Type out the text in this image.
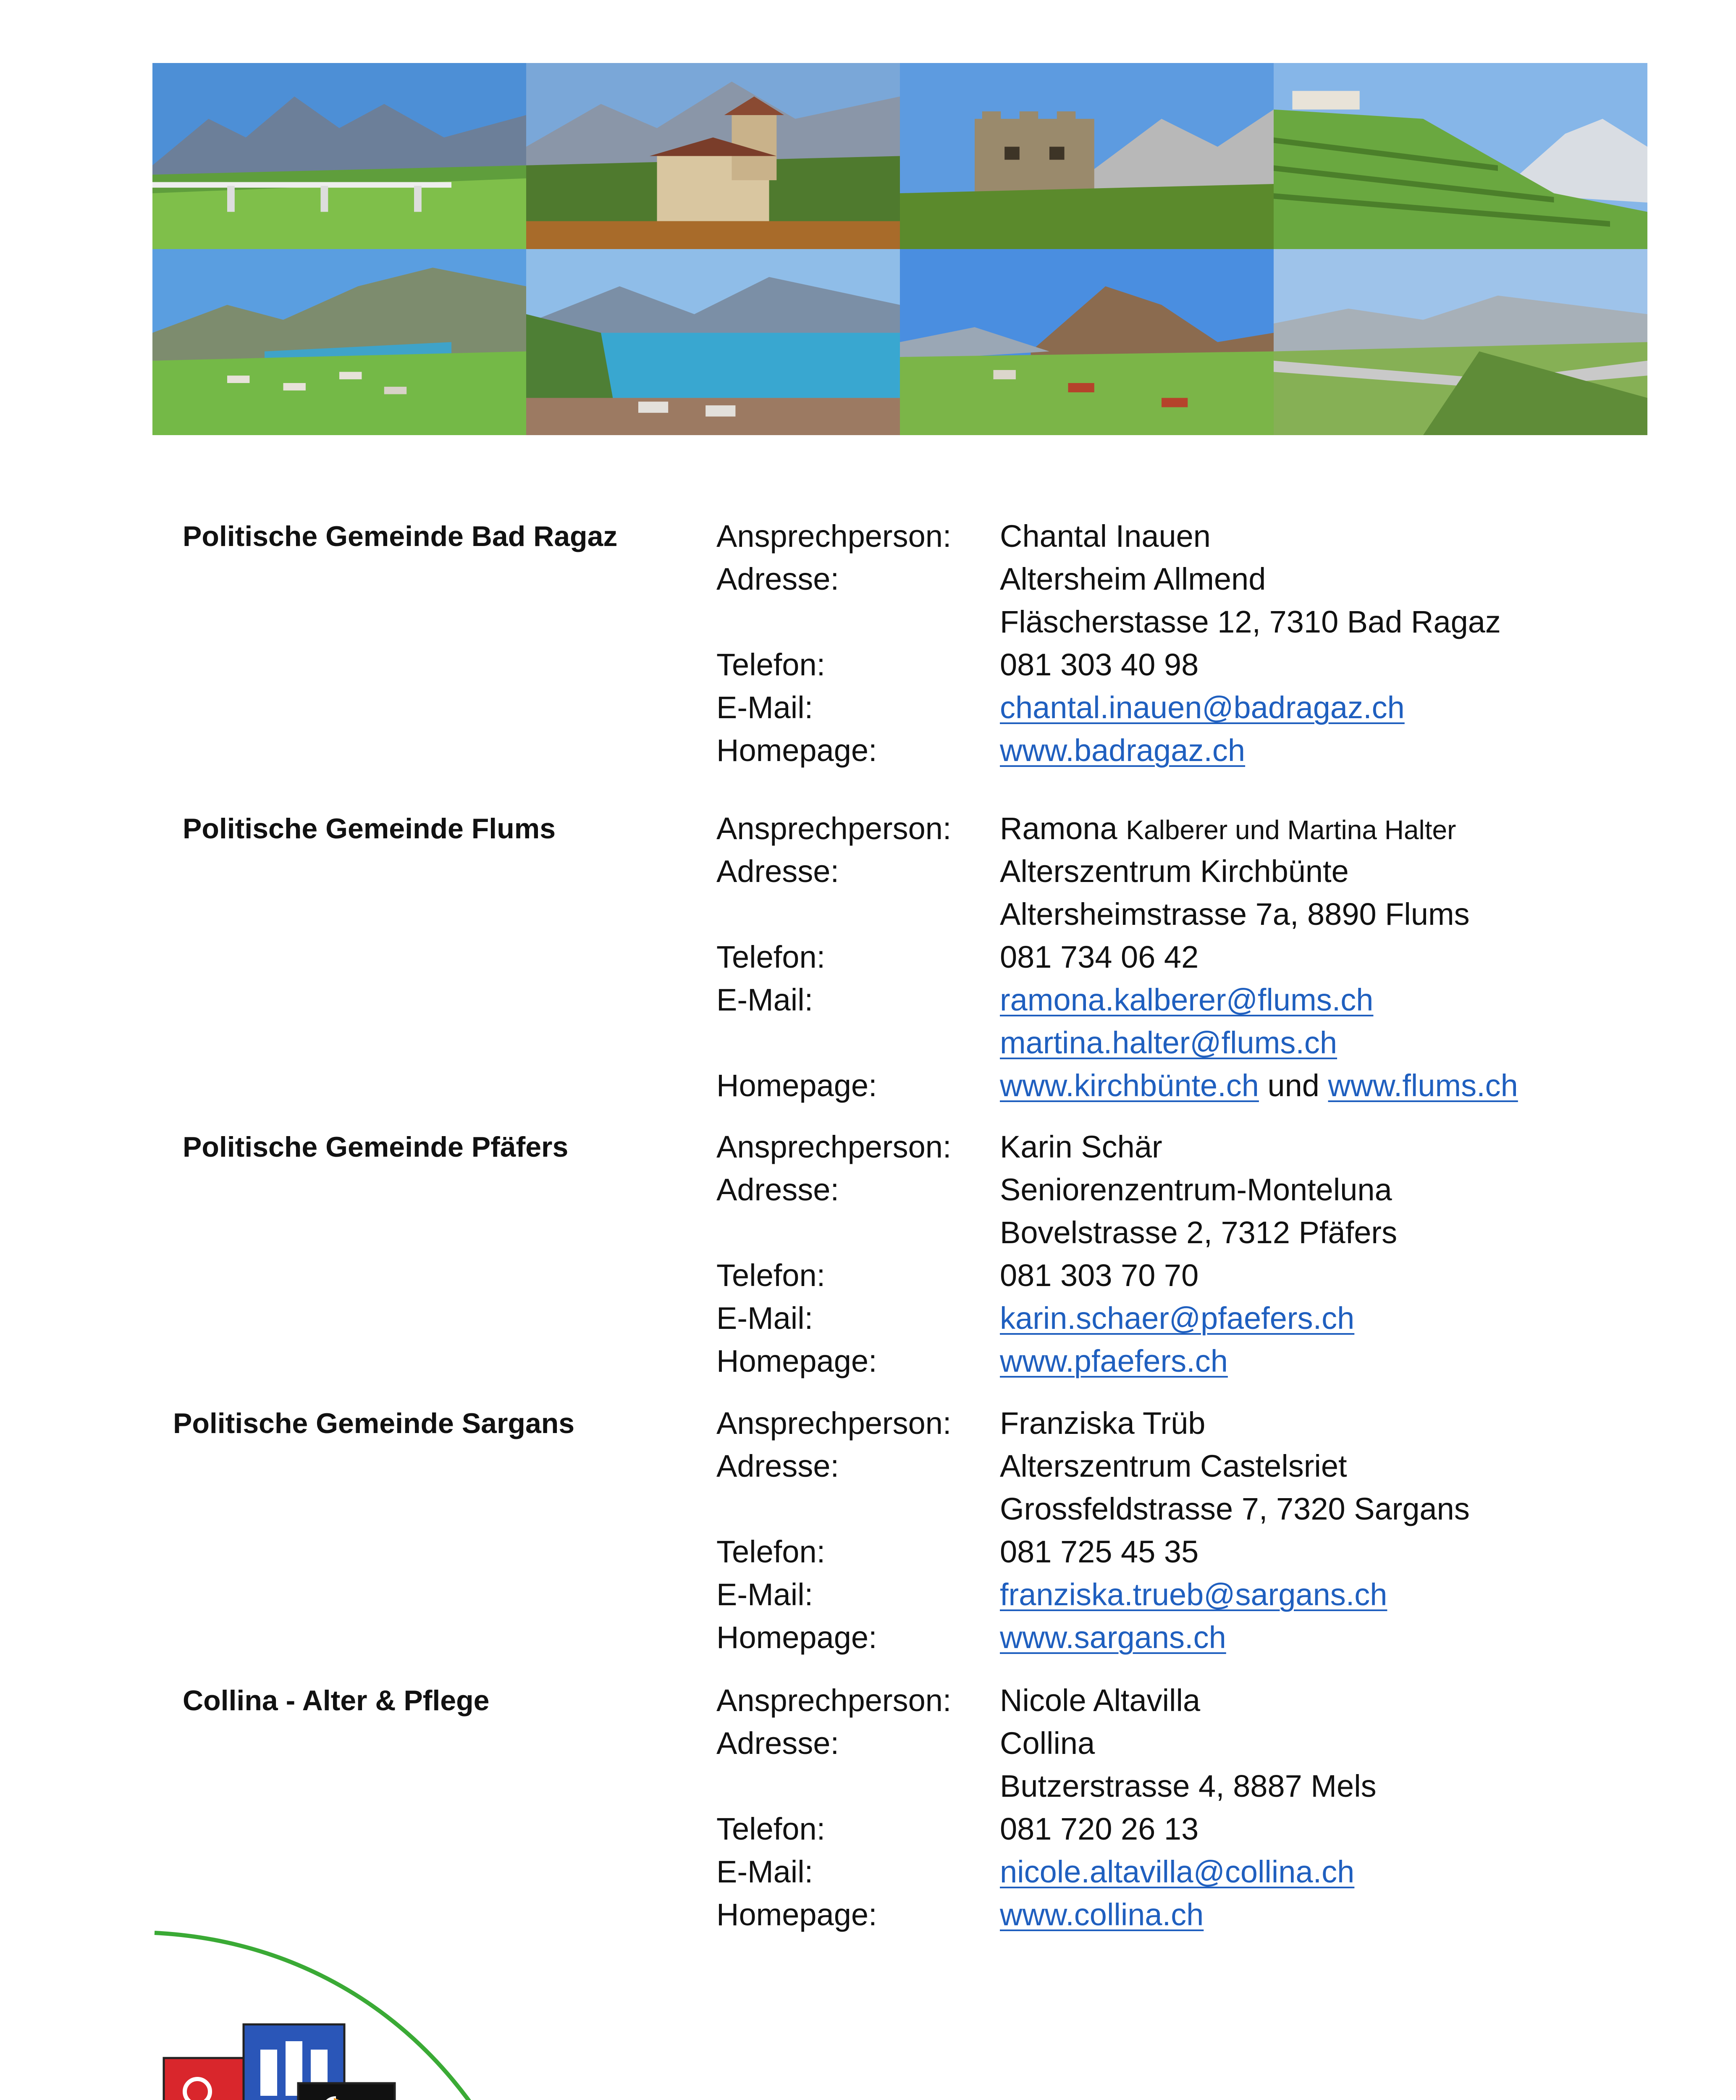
Politische Gemeinde Bad Ragaz	Ansprechperson: Chantal Inauen
Adresse:	Altersheim Allmend
Fläscherstasse 12, 7310 Bad Ragaz
Telefon:	081 303 40 98
E-Mail:	chantal.inauen@badragaz.ch
Homepage:	www.badragaz.ch
Politische Gemeinde Flums	Ansprechperson: Ramona Kalberer und Martina Halter
Adresse:	Alterszentrum Kirchbünte
Altersheimstrasse 7a, 8890 Flums
Telefon:	081 734 06 42
E-Mail:	ramona.kalberer@flums.ch
martina.halter@flums.ch
Homepage:	www.kirchbünte.ch und www.flums.ch
Politische Gemeinde Pfäfers	Ansprechperson: Karin Schär
Adresse:	Seniorenzentrum-Monteluna
Bovelstrasse 2, 7312 Pfäfers
Telefon:	081 303 70 70
E-Mail:	karin.schaer@pfaefers.ch
Homepage:	www.pfaefers.ch
Politische Gemeinde Sargans	Ansprechperson: Franziska Trüb
Adresse:	Alterszentrum Castelsriet
Grossfeldstrasse 7, 7320 Sargans
Telefon:	081 725 45 35
E-Mail:	franziska.trueb@sargans.ch
Homepage:	www.sargans.ch
Collina - Alter & Pflege	Ansprechperson: Nicole Altavilla
Adresse:	Collina
Butzerstrasse 4, 8887 Mels
Telefon:	081 720 26 13
E-Mail:	nicole.altavilla@collina.ch
Homepage:	www.collina.ch
